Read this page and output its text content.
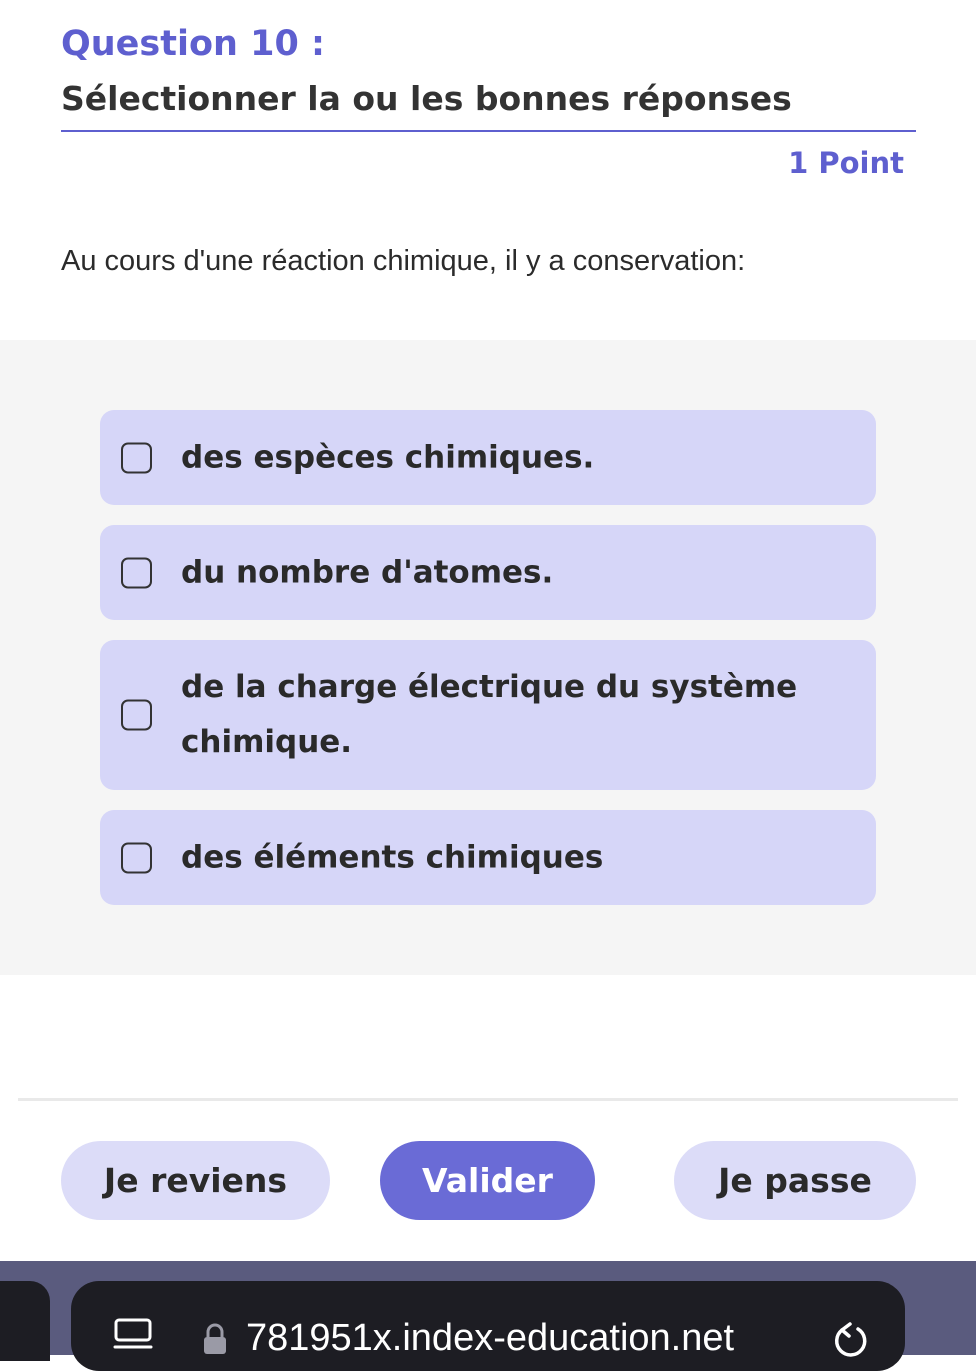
Question 10 :
Sélectionner la ou les bonnes réponses
1 Point
Au cours d'une réaction chimique, il y a conservation:
des espèces chimiques.
du nombre d'atomes.
de la charge électrique du système chimique.
des éléments chimiques
Je reviens	Valider	Je passe
781951x.index-education.net
